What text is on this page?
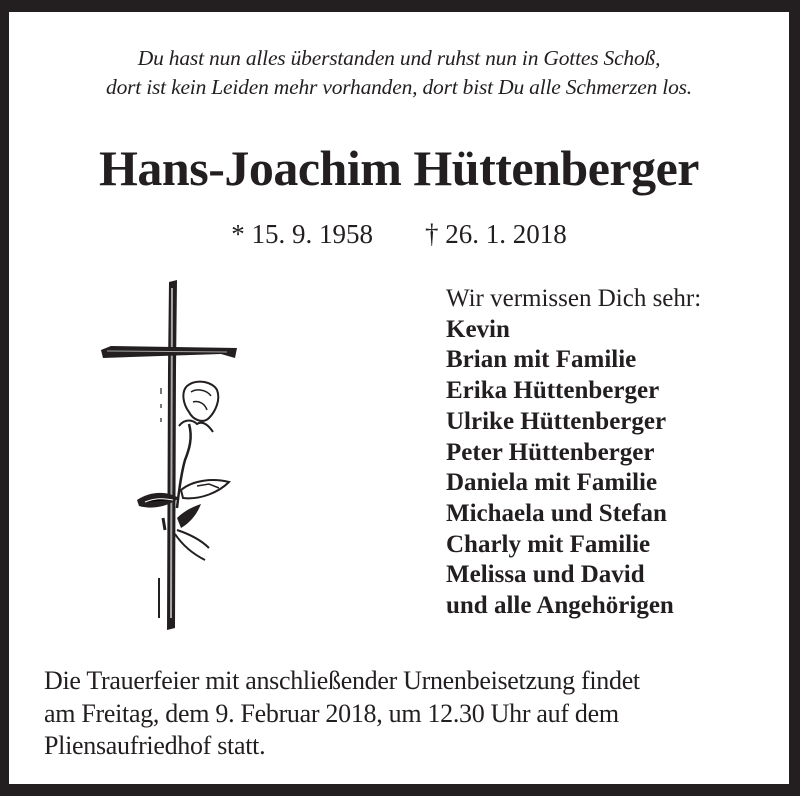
Du hast nun alles überstanden und ruhst nun in Gottes Schoß,
dort ist kein Leiden mehr vorhanden, dort bist Du alle Schmerzen los.
Hans-Joachim Hüttenberger
* 15. 9. 1958 † 26. 1. 2018
Wir vermissen Dich sehr:
Kevin
Brian mit Familie
Erika Hüttenberger
Ulrike Hüttenberger
Peter Hüttenberger
Daniela mit Familie
Michaela und Stefan
Charly mit Familie
Melissa und David
und alle Angehörigen
Die Trauerfeier mit anschließender Urnenbeisetzung findet
am Freitag, dem 9. Februar 2018, um 12.30 Uhr auf dem
Pliensaufriedhof statt.
